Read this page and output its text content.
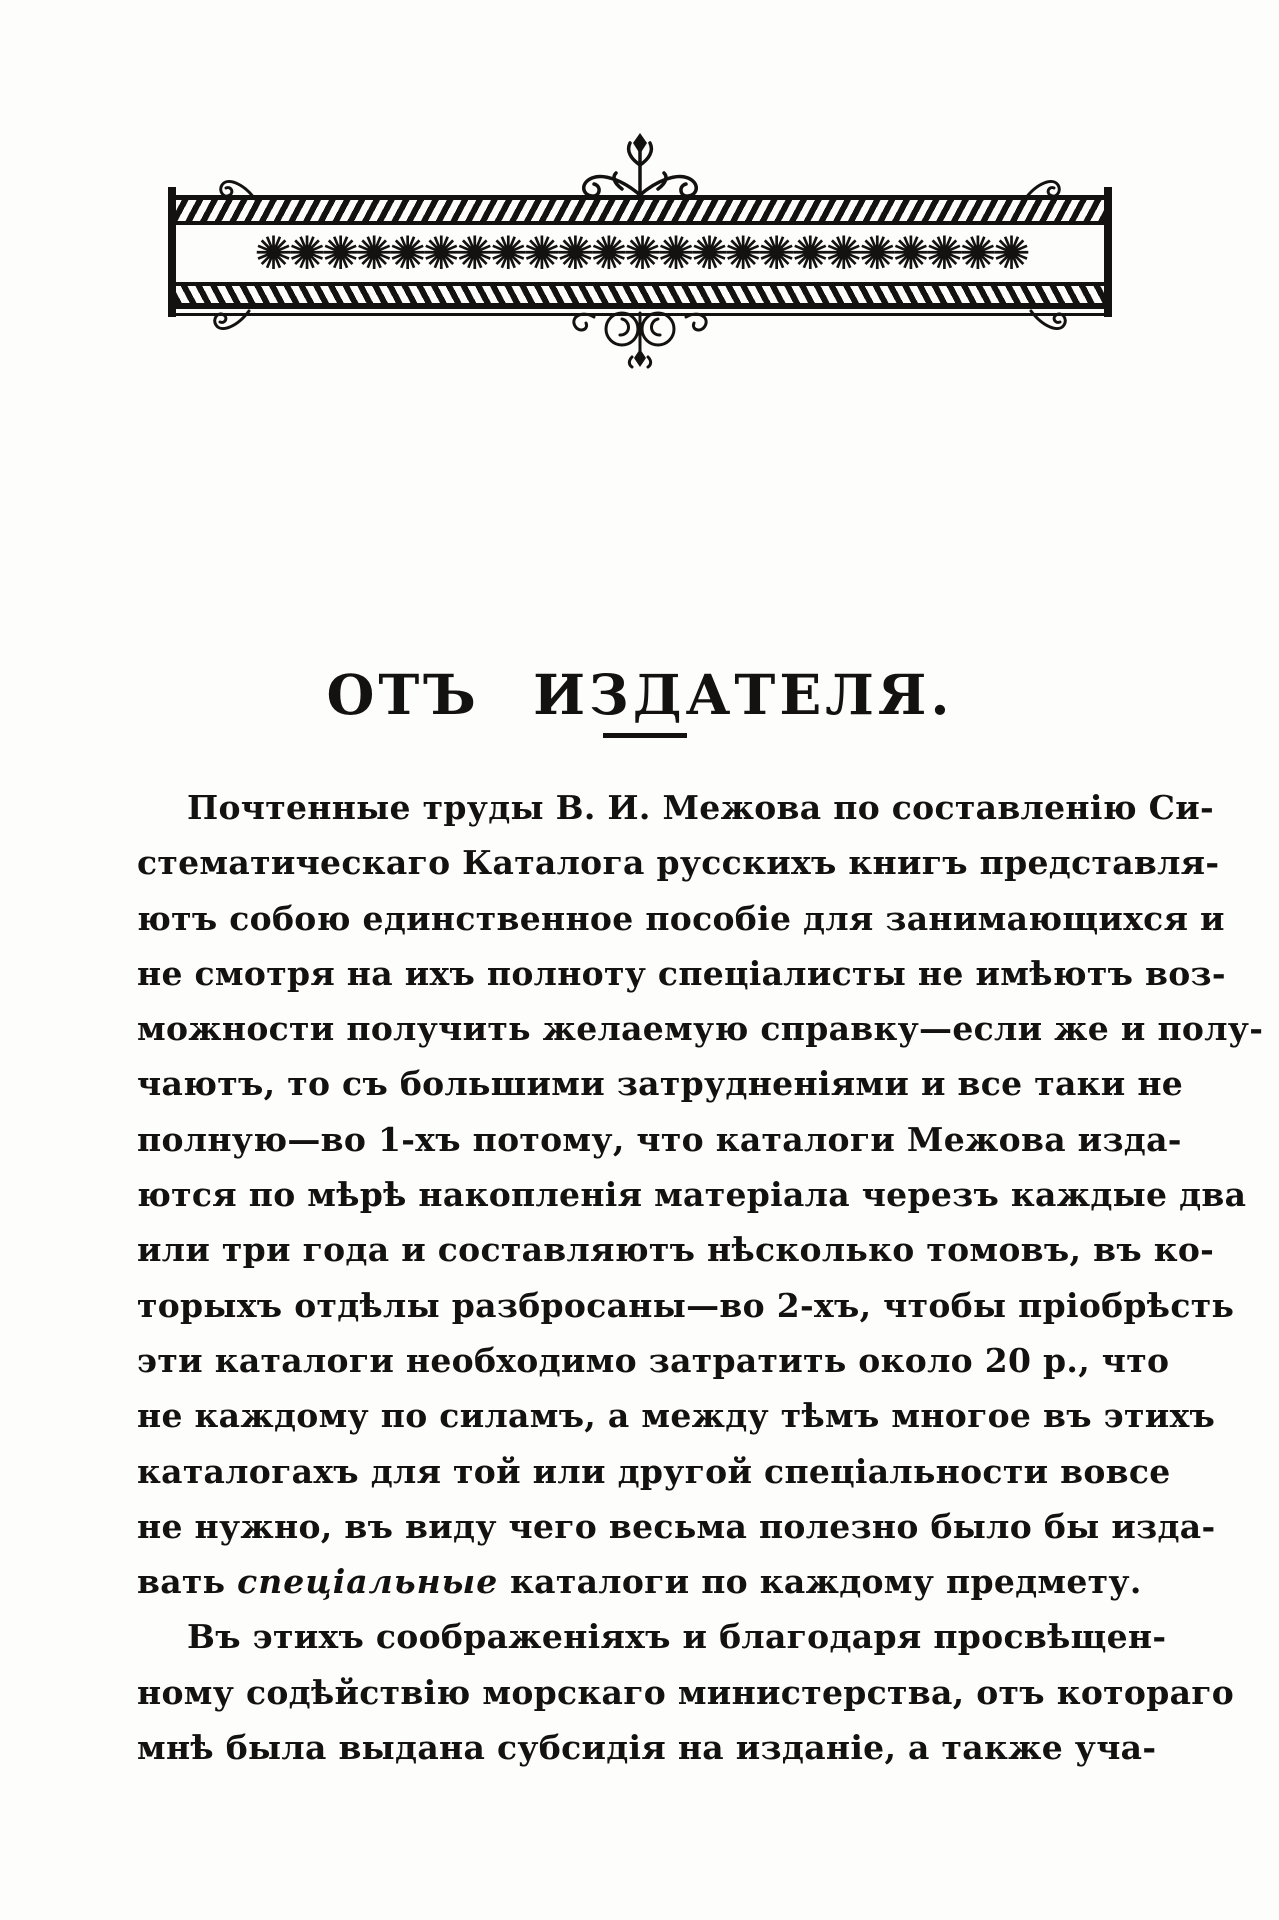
✺✺✺✺✺✺✺✺✺✺✺✺✺✺✺✺✺✺✺✺✺✺✺
ОТЪ ИЗДАТЕЛЯ.
Почтенные труды В. И. Межова по составленію Си-
стематическаго Каталога русскихъ книгъ представля-
ютъ собою единственное пособіе для занимающихся и
не смотря на ихъ полноту спеціалисты не имѣютъ воз-
можности получить желаемую справку—если же и полу-
чаютъ, то съ большими затрудненіями и все таки не
полную—во 1-хъ потому, что каталоги Межова изда-
ются по мѣрѣ накопленія матеріала черезъ каждые два
или три года и составляютъ нѣсколько томовъ, въ ко-
торыхъ отдѣлы разбросаны—во 2-хъ, чтобы пріобрѣсть
эти каталоги необходимо затратить около 20 р., что
не каждому по силамъ, а между тѣмъ многое въ этихъ
каталогахъ для той или другой спеціальности вовсе
не нужно, въ виду чего весьма полезно было бы изда-
вать спеціальные каталоги по каждому предмету.
Въ этихъ соображеніяхъ и благодаря просвѣщен-
ному содѣйствію морскаго министерства, отъ котораго
мнѣ была выдана субсидія на изданіе, а также уча-
